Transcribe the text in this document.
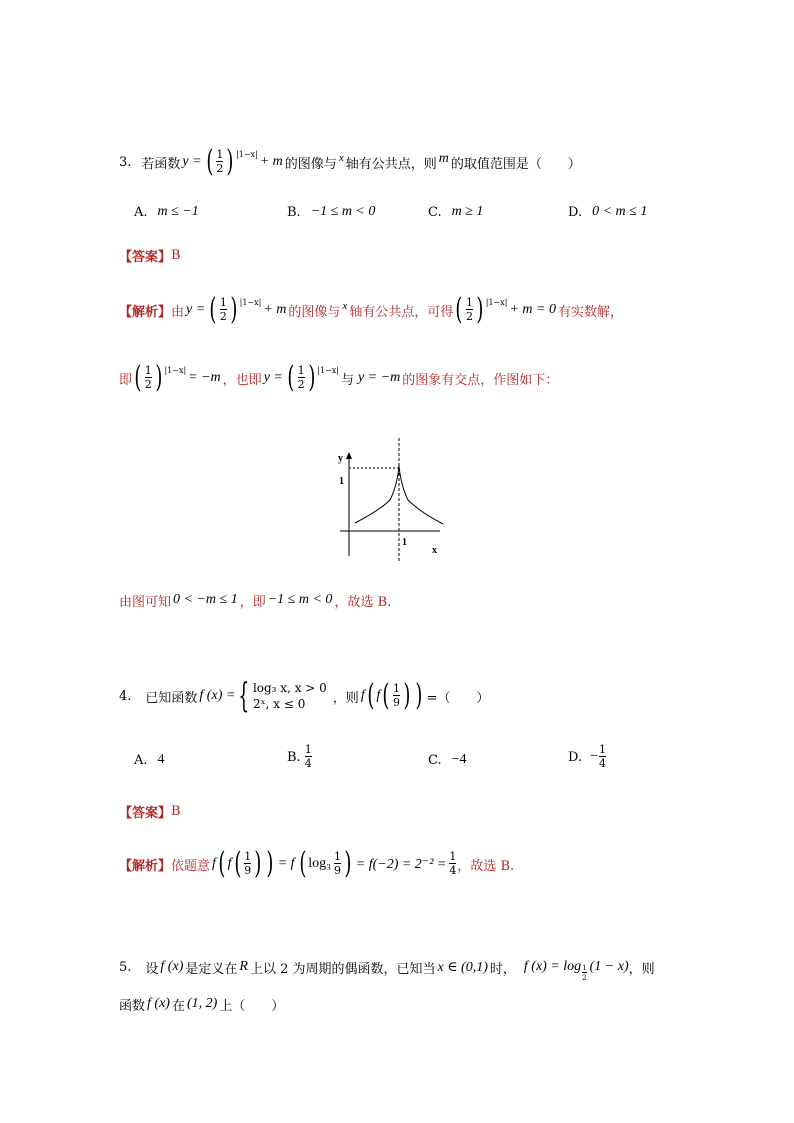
3. 若函数 y = ( $\frac{1}{2}$ ) |1−x| + m 的图像与 x 轴有公共点，则 m 的取值范围是（　　）
A. m ≤ −1	B. −1 ≤ m < 0	C. m ≥ 1	D. 0 < m ≤ 1
【答案】 B
【解析】 由 y = ( $\frac{1}{2}$ ) |1−x| + m 的图像与 x 轴有公共点，可得 ( $\frac{1}{2}$ ) |1−x| + m = 0 有实数解，
即 ( $\frac{1}{2}$ ) |1−x| = −m ，也即 y = ( $\frac{1}{2}$ ) |1−x|
与 y = −m 的图象有交点，作图如下：
y
1
1
x
由图可知 0 < −m ≤ 1 ，即 −1 ≤ m < 0 ，故选 B.
4. 已知函数 f (x) = { log₃ x, x > 0
2ˣ, x ≤ 0	，则 f ( f ( $\frac{1}{9}$ ) ) =（　　）
A. 4	B. $\frac{1}{4}$	C. −4	D. − $\frac{1}{4}$
【答案】 B
【解析】 依题意 f ( f ( $\frac{1}{9}$ ) ) = f ( $\log_3 \frac{1}{9}$ ) = $f(-2) = 2^{-2} = \frac{1}{4}$ ，故选 B.
5. 设 f (x) 是定义在 R 上以 2 为周期的偶函数，已知当 x ∈ (0,1) 时， f $(x) = \log \frac{1}{2} (1 - x)$ ，则
函数 f (x) 在 (1, 2) 上（　　）
